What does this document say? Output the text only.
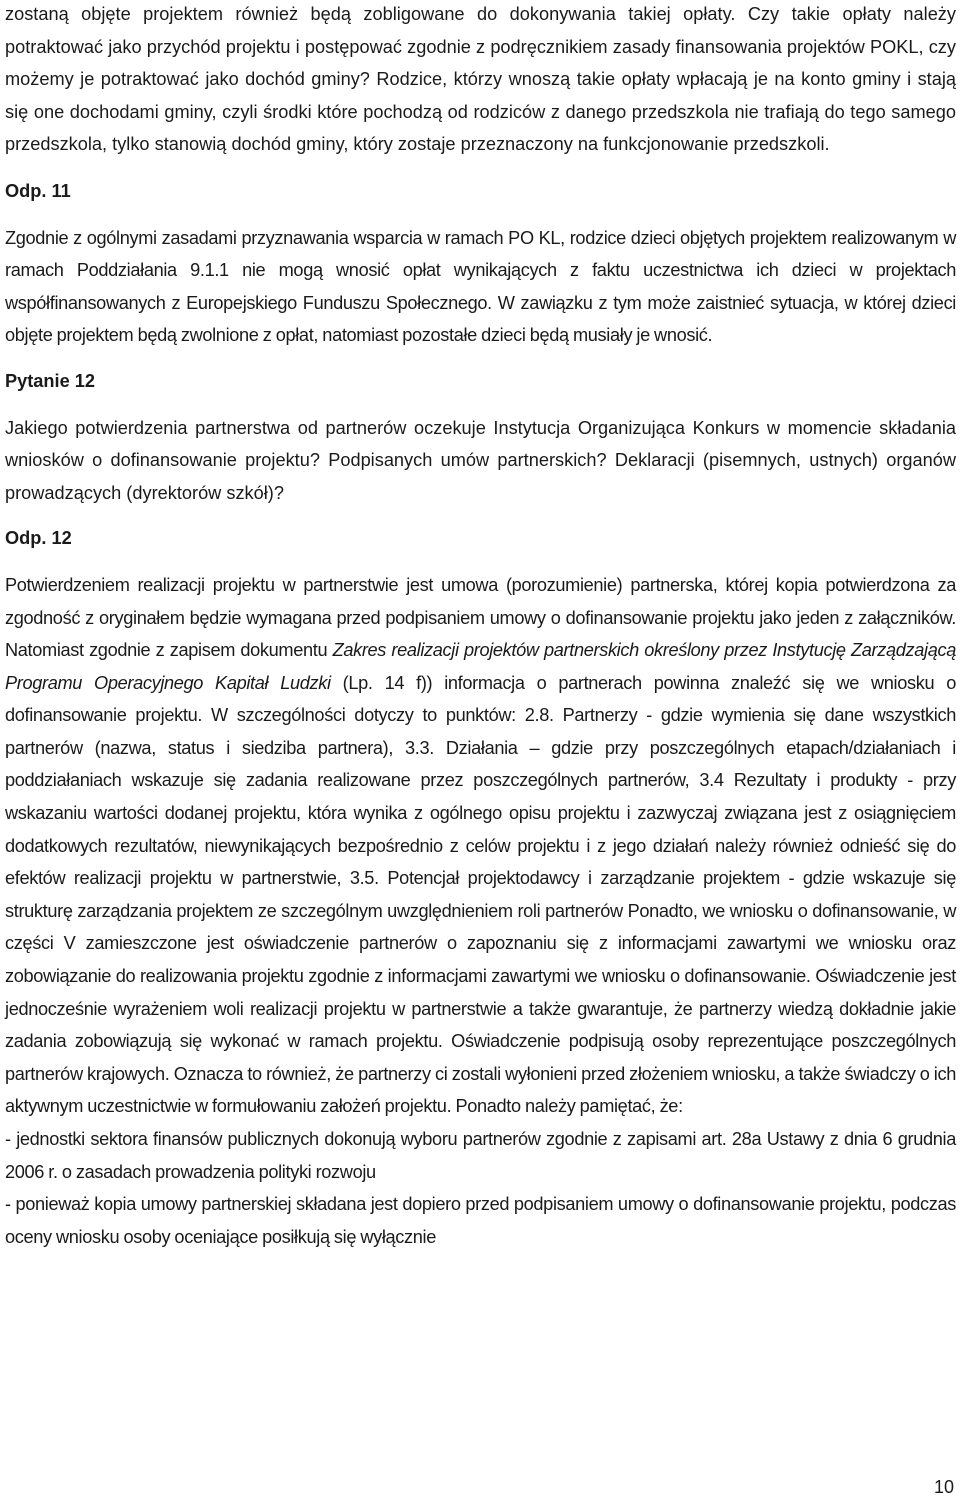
zostaną objęte projektem również będą zobligowane do dokonywania takiej opłaty. Czy takie opłaty należy potraktować jako przychód projektu i postępować zgodnie z podręcznikiem zasady finansowania projektów POKL, czy możemy je potraktować jako dochód gminy? Rodzice, którzy wnoszą takie opłaty wpłacają je na konto gminy i stają się one dochodami gminy, czyli środki które pochodzą od rodziców z danego przedszkola nie trafiają do tego samego przedszkola, tylko stanowią dochód gminy, który zostaje przeznaczony na funkcjonowanie przedszkoli.

Odp. 11

Zgodnie z ogólnymi zasadami przyznawania wsparcia w ramach PO KL, rodzice dzieci objętych projektem realizowanym w ramach Poddziałania 9.1.1 nie mogą wnosić opłat wynikających z faktu uczestnictwa ich dzieci w projektach współfinansowanych z Europejskiego Funduszu Społecznego. W zawiązku z tym może zaistnieć sytuacja, w której dzieci objęte projektem będą zwolnione z opłat, natomiast pozostałe dzieci będą musiały je wnosić.

Pytanie 12

Jakiego potwierdzenia partnerstwa od partnerów oczekuje Instytucja Organizująca Konkurs w momencie składania wniosków o dofinansowanie projektu? Podpisanych umów partnerskich? Deklaracji (pisemnych, ustnych) organów prowadzących (dyrektorów szkół)?

Odp. 12

Potwierdzeniem realizacji projektu w partnerstwie jest umowa (porozumienie) partnerska, której kopia potwierdzona za zgodność z oryginałem będzie wymagana przed podpisaniem umowy o dofinansowanie projektu jako jeden z załączników. Natomiast zgodnie z zapisem dokumentu Zakres realizacji projektów partnerskich określony przez Instytucję Zarządzającą Programu Operacyjnego Kapitał Ludzki (Lp. 14 f)) informacja o partnerach powinna znaleźć się we wniosku o dofinansowanie projektu. W szczególności dotyczy to punktów: 2.8. Partnerzy - gdzie wymienia się dane wszystkich partnerów (nazwa, status i siedziba partnera), 3.3. Działania – gdzie przy poszczególnych etapach/działaniach i poddziałaniach wskazuje się zadania realizowane przez poszczególnych partnerów, 3.4 Rezultaty i produkty - przy wskazaniu wartości dodanej projektu, która wynika z ogólnego opisu projektu i zazwyczaj związana jest z osiągnięciem dodatkowych rezultatów, niewynikających bezpośrednio z celów projektu i z jego działań należy również odnieść się do efektów realizacji projektu w partnerstwie, 3.5. Potencjał projektodawcy i zarządzanie projektem - gdzie wskazuje się strukturę zarządzania projektem ze szczególnym uwzględnieniem roli partnerów Ponadto, we wniosku o dofinansowanie, w części V zamieszczone jest oświadczenie partnerów o zapoznaniu się z informacjami zawartymi we wniosku oraz zobowiązanie do realizowania projektu zgodnie z informacjami zawartymi we wniosku o dofinansowanie. Oświadczenie jest jednocześnie wyrażeniem woli realizacji projektu w partnerstwie a także gwarantuje, że partnerzy wiedzą dokładnie jakie zadania zobowiązują się wykonać w ramach projektu. Oświadczenie podpisują osoby reprezentujące poszczególnych partnerów krajowych. Oznacza to również, że partnerzy ci zostali wyłonieni przed złożeniem wniosku, a także świadczy o ich aktywnym uczestnictwie w formułowaniu założeń projektu. Ponadto należy pamiętać, że:

- jednostki sektora finansów publicznych dokonują wyboru partnerów zgodnie z zapisami art. 28a Ustawy z dnia 6 grudnia 2006 r. o zasadach prowadzenia polityki rozwoju

- ponieważ kopia umowy partnerskiej składana jest dopiero przed podpisaniem umowy o dofinansowanie projektu, podczas oceny wniosku osoby oceniające posiłkują się wyłącznie

10
